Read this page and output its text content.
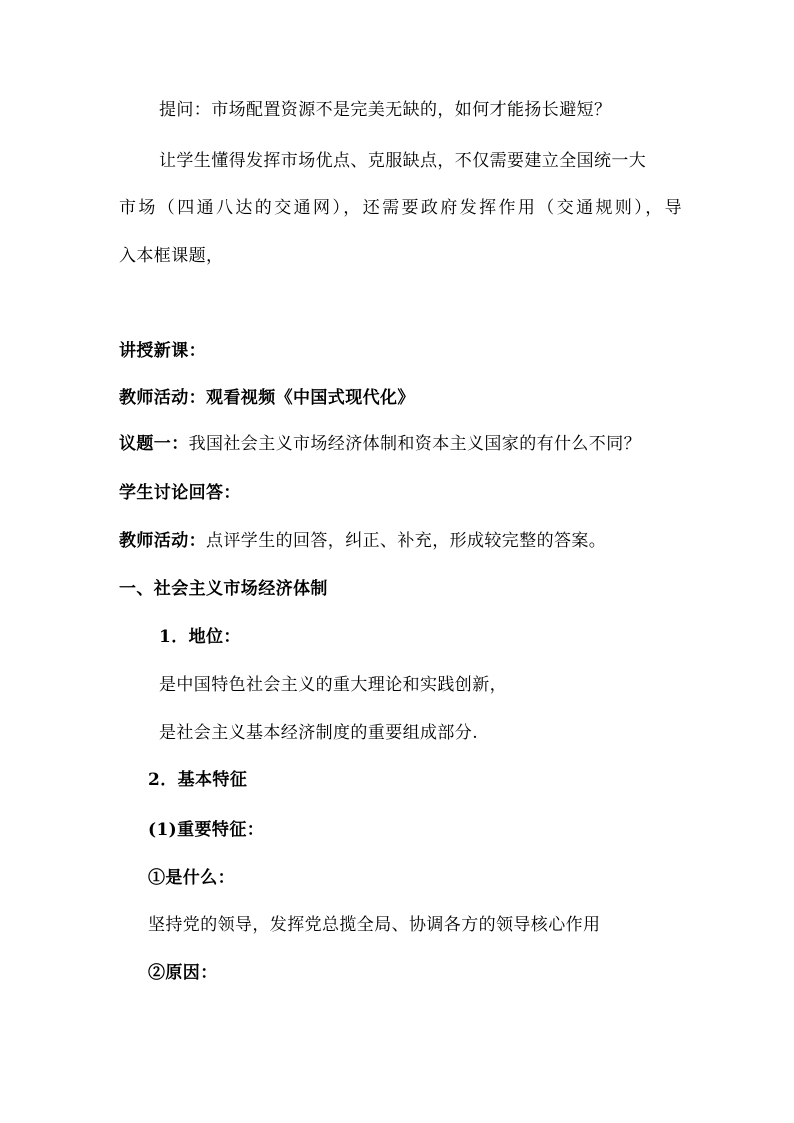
提问：市场配置资源不是完美无缺的，如何才能扬长避短？
让学生懂得发挥市场优点、克服缺点，不仅需要建立全国统一大
市场（四通八达的交通网），还需要政府发挥作用（交通规则），导
入本框课题，
讲授新课：
教师活动：观看视频《中国式现代化》
议题一：我国社会主义市场经济体制和资本主义国家的有什么不同？
学生讨论回答：
教师活动：点评学生的回答，纠正、补充，形成较完整的答案。
一、社会主义市场经济体制
1．地位：
是中国特色社会主义的重大理论和实践创新，
是社会主义基本经济制度的重要组成部分.
2．基本特征
(1)重要特征：
①是什么：
坚持党的领导，发挥党总揽全局、协调各方的领导核心作用
②原因：
